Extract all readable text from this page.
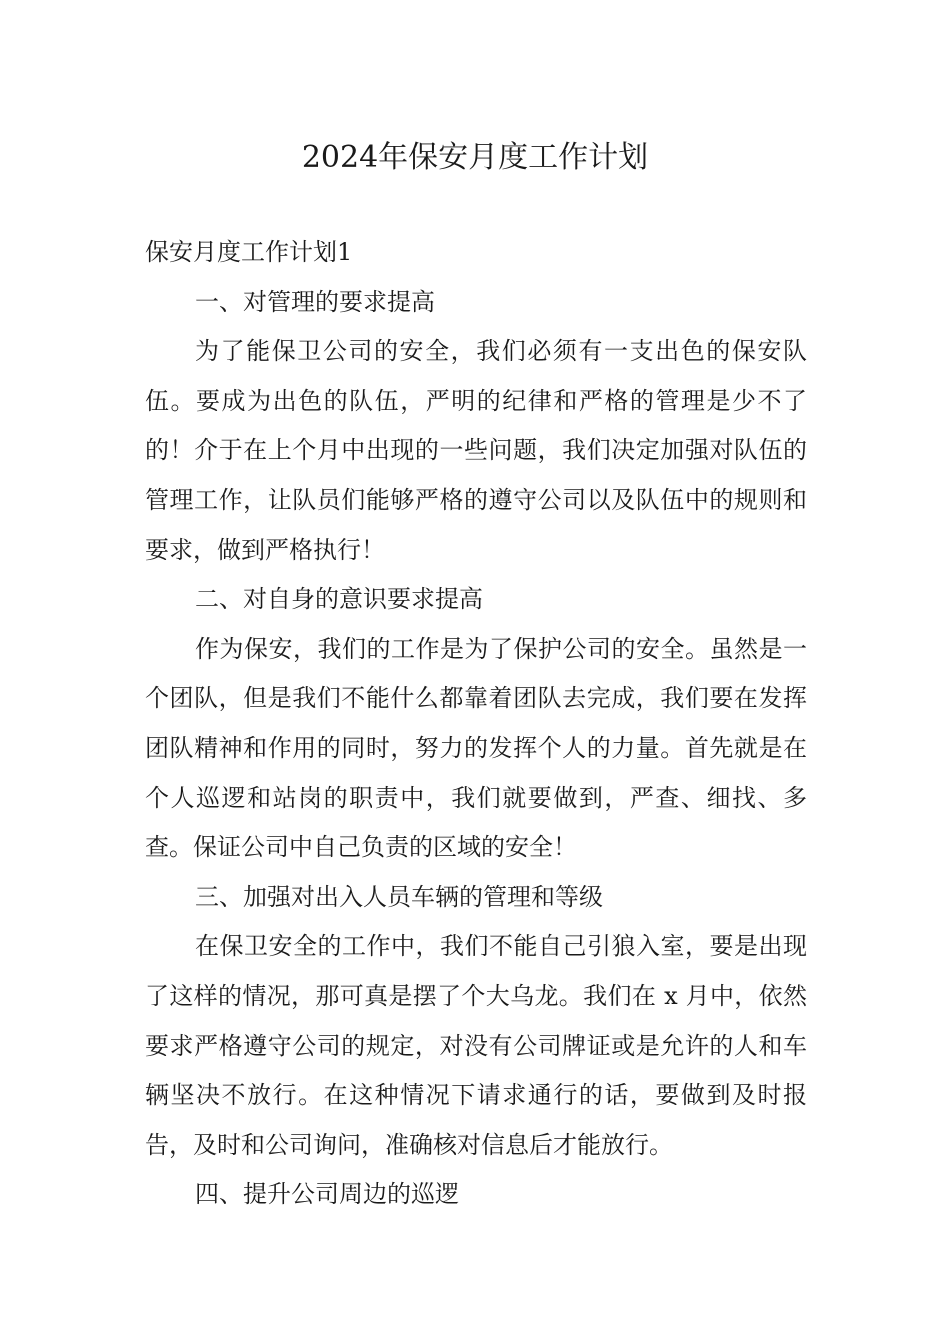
2024年保安月度工作计划

保安月度工作计划1

一、对管理的要求提高

为了能保卫公司的安全，我们必须有一支出色的保安队伍。要成为出色的队伍，严明的纪律和严格的管理是少不了的！介于在上个月中出现的一些问题，我们决定加强对队伍的管理工作，让队员们能够严格的遵守公司以及队伍中的规则和要求，做到严格执行！

二、对自身的意识要求提高

作为保安，我们的工作是为了保护公司的安全。虽然是一个团队，但是我们不能什么都靠着团队去完成，我们要在发挥团队精神和作用的同时，努力的发挥个人的力量。首先就是在个人巡逻和站岗的职责中，我们就要做到，严查、细找、多查。保证公司中自己负责的区域的安全！

三、加强对出入人员车辆的管理和等级

在保卫安全的工作中，我们不能自己引狼入室，要是出现了这样的情况，那可真是摆了个大乌龙。我们在 x 月中，依然要求严格遵守公司的规定，对没有公司牌证或是允许的人和车辆坚决不放行。在这种情况下请求通行的话，要做到及时报告，及时和公司询问，准确核对信息后才能放行。

四、提升公司周边的巡逻
